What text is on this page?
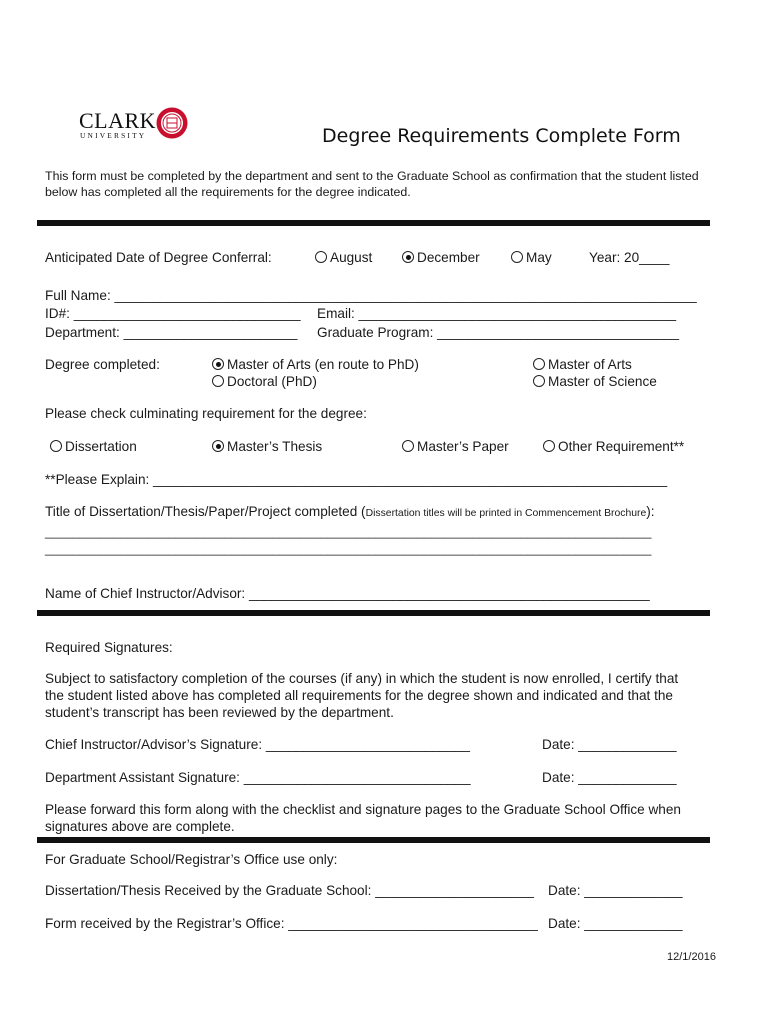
CLARK
UNIVERSITY	Degree Requirements Complete Form
This form must be completed by the department and sent to the Graduate School as confirmation that the student listed
below has completed all the requirements for the degree indicated.
Anticipated Date of Degree Conferral:	August	December	May	Year: 20____
Full Name: _____________________________________________________________________________
ID#: ______________________________ Email: __________________________________________
Department: _______________________ Graduate Program: ________________________________
Degree completed:	Master of Arts (en route to PhD)
Doctoral (PhD)
Master of Arts
Master of Science
Please check culminating requirement for the degree:
Dissertation	Master’s Thesis	Master’s Paper	Other Requirement**
**Please Explain: ____________________________________________________________________
Title of Dissertation/Thesis/Paper/Project completed (Dissertation titles will be printed in Commencement Brochure):
________________________________________________________________________________________
________________________________________________________________________________________
Name of Chief Instructor/Advisor: _____________________________________________________
Required Signatures:
Subject to satisfactory completion of the courses (if any) in which the student is now enrolled, I certify that
the student listed above has completed all requirements for the degree shown and indicated and that the
student’s transcript has been reviewed by the department.
Chief Instructor/Advisor’s Signature: ___________________________	Date: _____________
Department Assistant Signature: ______________________________	Date: _____________
Please forward this form along with the checklist and signature pages to the Graduate School Office when
signatures above are complete.
For Graduate School/Registrar’s Office use only:
Dissertation/Thesis Received by the Graduate School: _____________________ Date: _____________
Form received by the Registrar’s Office: _________________________________ Date: _____________
12/1/2016
